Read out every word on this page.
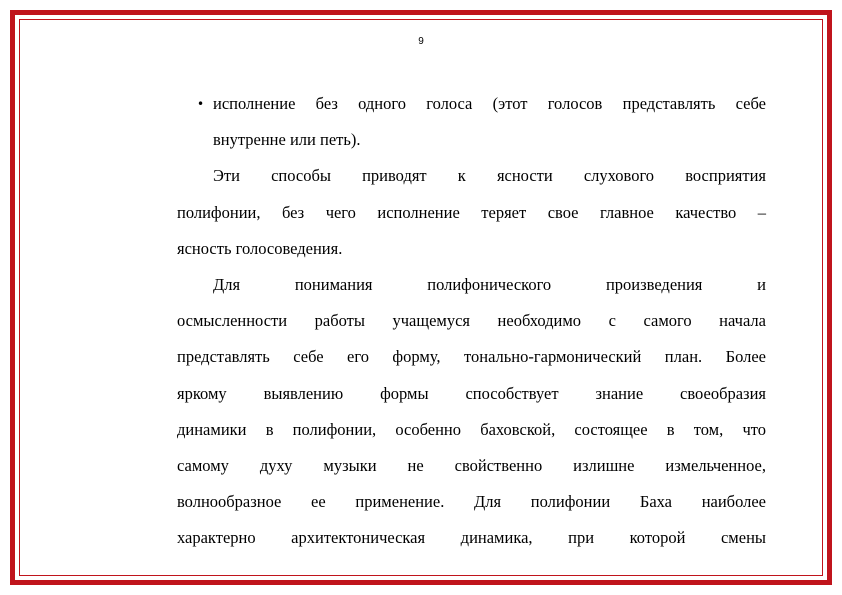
9
• исполнение без одного голоса (этот голосов представлять себе
внутренне или петь).
Эти способы приводят к ясности слухового восприятия
полифонии, без чего исполнение теряет свое главное качество –
ясность голосоведения.
Для понимания полифонического произведения и
осмысленности работы учащемуся необходимо с самого начала
представлять себе его форму, тонально-гармонический план. Более
яркому выявлению формы способствует знание своеобразия
динамики в полифонии, особенно баховской, состоящее в том, что
самому духу музыки не свойственно излишне измельченное,
волнообразное ее применение. Для полифонии Баха наиболее
характерно архитектоническая динамика, при которой смены
